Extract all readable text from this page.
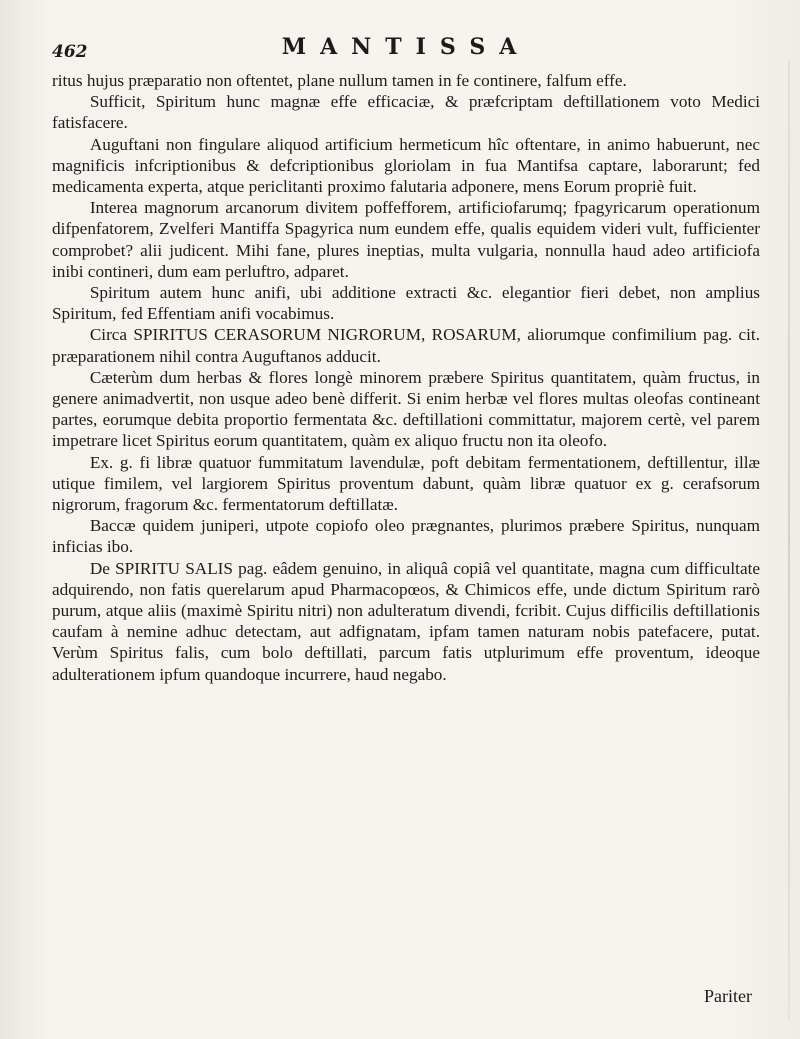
462	MANTISSA

ritus hujus præparatio non oftentet, plane nullum tamen in fe continere, falfum effe.

Sufficit, Spiritum hunc magnæ effe efficaciæ, & præfcriptam deftillationem voto Medici fatisfacere.

Auguftani non fingulare aliquod artificium hermeticum hîc oftentare, in animo habuerunt, nec magnificis infcriptionibus & defcriptionibus gloriolam in fua Mantifsa captare, laborarunt; fed medicamenta experta, atque periclitanti proximo falutaria adponere, mens Eorum propriè fuit.

Interea magnorum arcanorum divitem poffefforem, artificiofarumq; fpagyricarum operationum difpenfatorem, Zvelferi Mantiffa Spagyrica num eundem effe, qualis equidem videri vult, fufficienter comprobet? alii judicent. Mihi fane, plures ineptias, multa vulgaria, nonnulla haud adeo artificiofa inibi contineri, dum eam perluftro, adparet.

Spiritum autem hunc anifi, ubi additione extracti &c. elegantior fieri debet, non amplius Spiritum, fed Effentiam anifi vocabimus.

Circa SPIRITUS CERASORUM NIGRORUM, ROSARUM, aliorumque confimilium pag. cit. præparationem nihil contra Auguftanos adducit.

Cæterùm dum herbas & flores longè minorem præbere Spiritus quantitatem, quàm fructus, in genere animadvertit, non usque adeo benè differit. Si enim herbæ vel flores multas oleofas contineant partes, eorumque debita proportio fermentata &c. deftillationi committatur, majorem certè, vel parem impetrare licet Spiritus eorum quantitatem, quàm ex aliquo fructu non ita oleofo.

Ex. g. fi libræ quatuor fummitatum lavendulæ, poft debitam fermentationem, deftillentur, illæ utique fimilem, vel largiorem Spiritus proventum dabunt, quàm libræ quatuor ex g. cerafsorum nigrorum, fragorum &c. fermentatorum deftillatæ.

Baccæ quidem juniperi, utpote copiofo oleo prægnantes, plurimos præbere Spiritus, nunquam inficias ibo.

De SPIRITU SALIS pag. eâdem genuino, in aliquâ copiâ vel quantitate, magna cum difficultate adquirendo, non fatis querelarum apud Pharmacopœos, & Chimicos effe, unde dictum Spiritum rarò purum, atque aliis (maximè Spiritu nitri) non adulteratum divendi, fcribit. Cujus difficilis deftillationis caufam à nemine adhuc detectam, aut adfignatam, ipfam tamen naturam nobis patefacere, putat. Verùm Spiritus falis, cum bolo deftillati, parcum fatis utplurimum effe proventum, ideoque adulterationem ipfum quandoque incurrere, haud negabo.

Pariter
